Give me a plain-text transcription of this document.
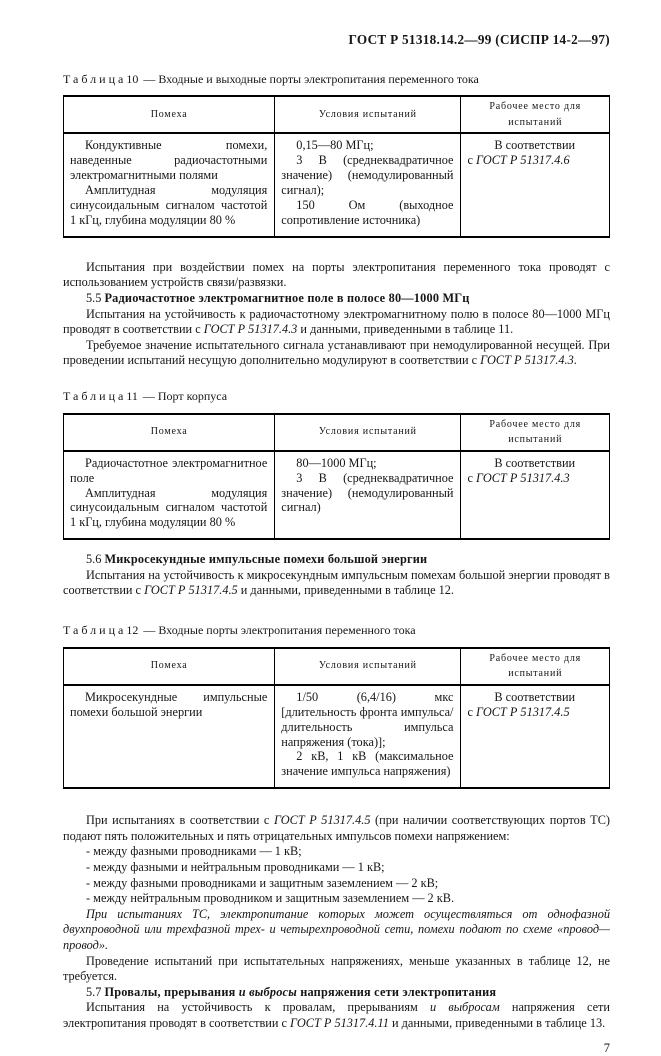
ГОСТ Р 51318.14.2—99 (СИСПР 14-2—97)

Таблица10 — Входные и выходные порты электропитания переменного тока

Помеха	Условия испытаний	Рабочее место для испытаний

Кондуктивные помехи, наведенные радиочастотными электромагнитными полями

Амплитудная модуляция синусоидальным сигналом частотой 1 кГц, глубина модуляции 80 %

0,15—80 МГц;

3 В (среднеквадратичное значение) (немодулированный сигнал);

150 Ом (выходное сопротивление источника)

В соответствии
с ГОСТ Р 51317.4.6

Испытания при воздействии помех на порты электропитания переменного тока проводят с использованием устройств связи/развязки.

5.5 Радиочастотное электромагнитное поле в полосе 80—1000 МГц

Испытания на устойчивость к радиочастотному электромагнитному полю в полосе 80—1000 МГц проводят в соответствии с ГОСТ Р 51317.4.3 и данными, приведенными в таблице 11.

Требуемое значение испытательного сигнала устанавливают при немодулированной несущей. При проведении испытаний несущую дополнительно модулируют в соответствии с ГОСТ Р 51317.4.3.

Таблица11 — Порт корпуса

Помеха	Условия испытаний	Рабочее место для испытаний

Радиочастотное электромагнитное поле

Амплитудная модуляция синусоидальным сигналом частотой 1 кГц, глубина модуляции 80 %

80—1000 МГц;

3 В (среднеквадратичное значение) (немодулированный сигнал)

В соответствии
с ГОСТ Р 51317.4.3

5.6 Микросекундные импульсные помехи большой энергии

Испытания на устойчивость к микросекундным импульсным помехам большой энергии проводят в соответствии с ГОСТ Р 51317.4.5 и данными, приведенными в таблице 12.

Таблица12 — Входные порты электропитания переменного тока

Помеха	Условия испытаний	Рабочее место для испытаний

Микросекундные импульсные помехи большой энергии

1/50 (6,4/16) мкс [длительность фронта импульса/длительность импульса напряжения (тока)];

2 кВ, 1 кВ (максимальное значение импульса напряжения)

В соответствии
с ГОСТ Р 51317.4.5

При испытаниях в соответствии с ГОСТ Р 51317.4.5 (при наличии соответствующих портов ТС) подают пять положительных и пять отрицательных импульсов помехи напряжением:

- между фазными проводниками — 1 кВ;

- между фазными и нейтральным проводниками — 1 кВ;

- между фазными проводниками и защитным заземлением — 2 кВ;

- между нейтральным проводником и защитным заземлением — 2 кВ.

При испытаниях ТС, электропитание которых может осуществляться от однофазной двухпроводной или трехфазной трех- и четырехпроводной сети, помехи подают по схеме «провод—провод».

Проведение испытаний при испытательных напряжениях, меньше указанных в таблице 12, не требуется.

5.7 Провалы, прерывания и выбросы напряжения сети электропитания

Испытания на устойчивость к провалам, прерываниям и выбросам напряжения сети электропитания проводят в соответствии с ГОСТ Р 51317.4.11 и данными, приведенными в таблице 13.

7
